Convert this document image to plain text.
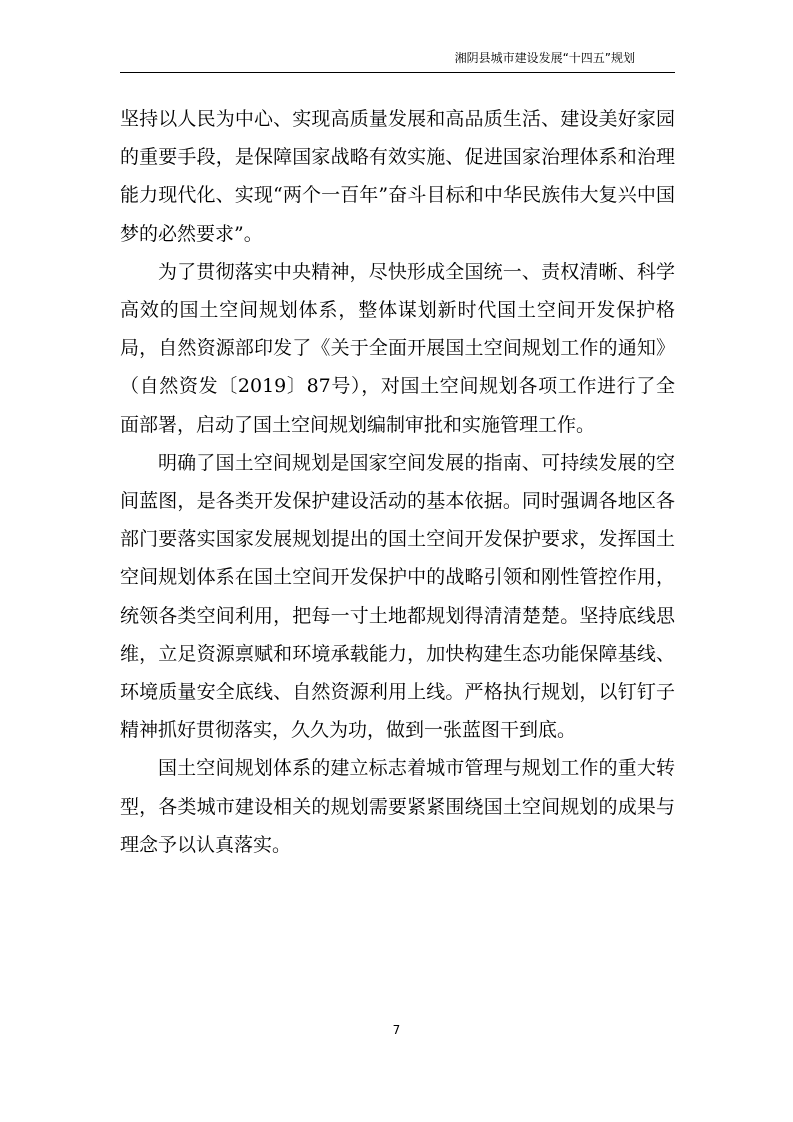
湘阴县城市建设发展“十四五”规划

坚持以人民为中心、实现高质量发展和高品质生活、建设美好家园的重要手段，是保障国家战略有效实施、促进国家治理体系和治理能力现代化、实现“两个一百年”奋斗目标和中华民族伟大复兴中国梦的必然要求”。

为了贯彻落实中央精神，尽快形成全国统一、责权清晰、科学高效的国土空间规划体系，整体谋划新时代国土空间开发保护格局，自然资源部印发了《关于全面开展国土空间规划工作的通知》（自然资发〔2019〕87号），对国土空间规划各项工作进行了全面部署，启动了国土空间规划编制审批和实施管理工作。

明确了国土空间规划是国家空间发展的指南、可持续发展的空间蓝图，是各类开发保护建设活动的基本依据。同时强调各地区各部门要落实国家发展规划提出的国土空间开发保护要求，发挥国土空间规划体系在国土空间开发保护中的战略引领和刚性管控作用，统领各类空间利用，把每一寸土地都规划得清清楚楚。坚持底线思维，立足资源禀赋和环境承载能力，加快构建生态功能保障基线、环境质量安全底线、自然资源利用上线。严格执行规划，以钉钉子精神抓好贯彻落实，久久为功，做到一张蓝图干到底。

国土空间规划体系的建立标志着城市管理与规划工作的重大转型，各类城市建设相关的规划需要紧紧围绕国土空间规划的成果与理念予以认真落实。

7
